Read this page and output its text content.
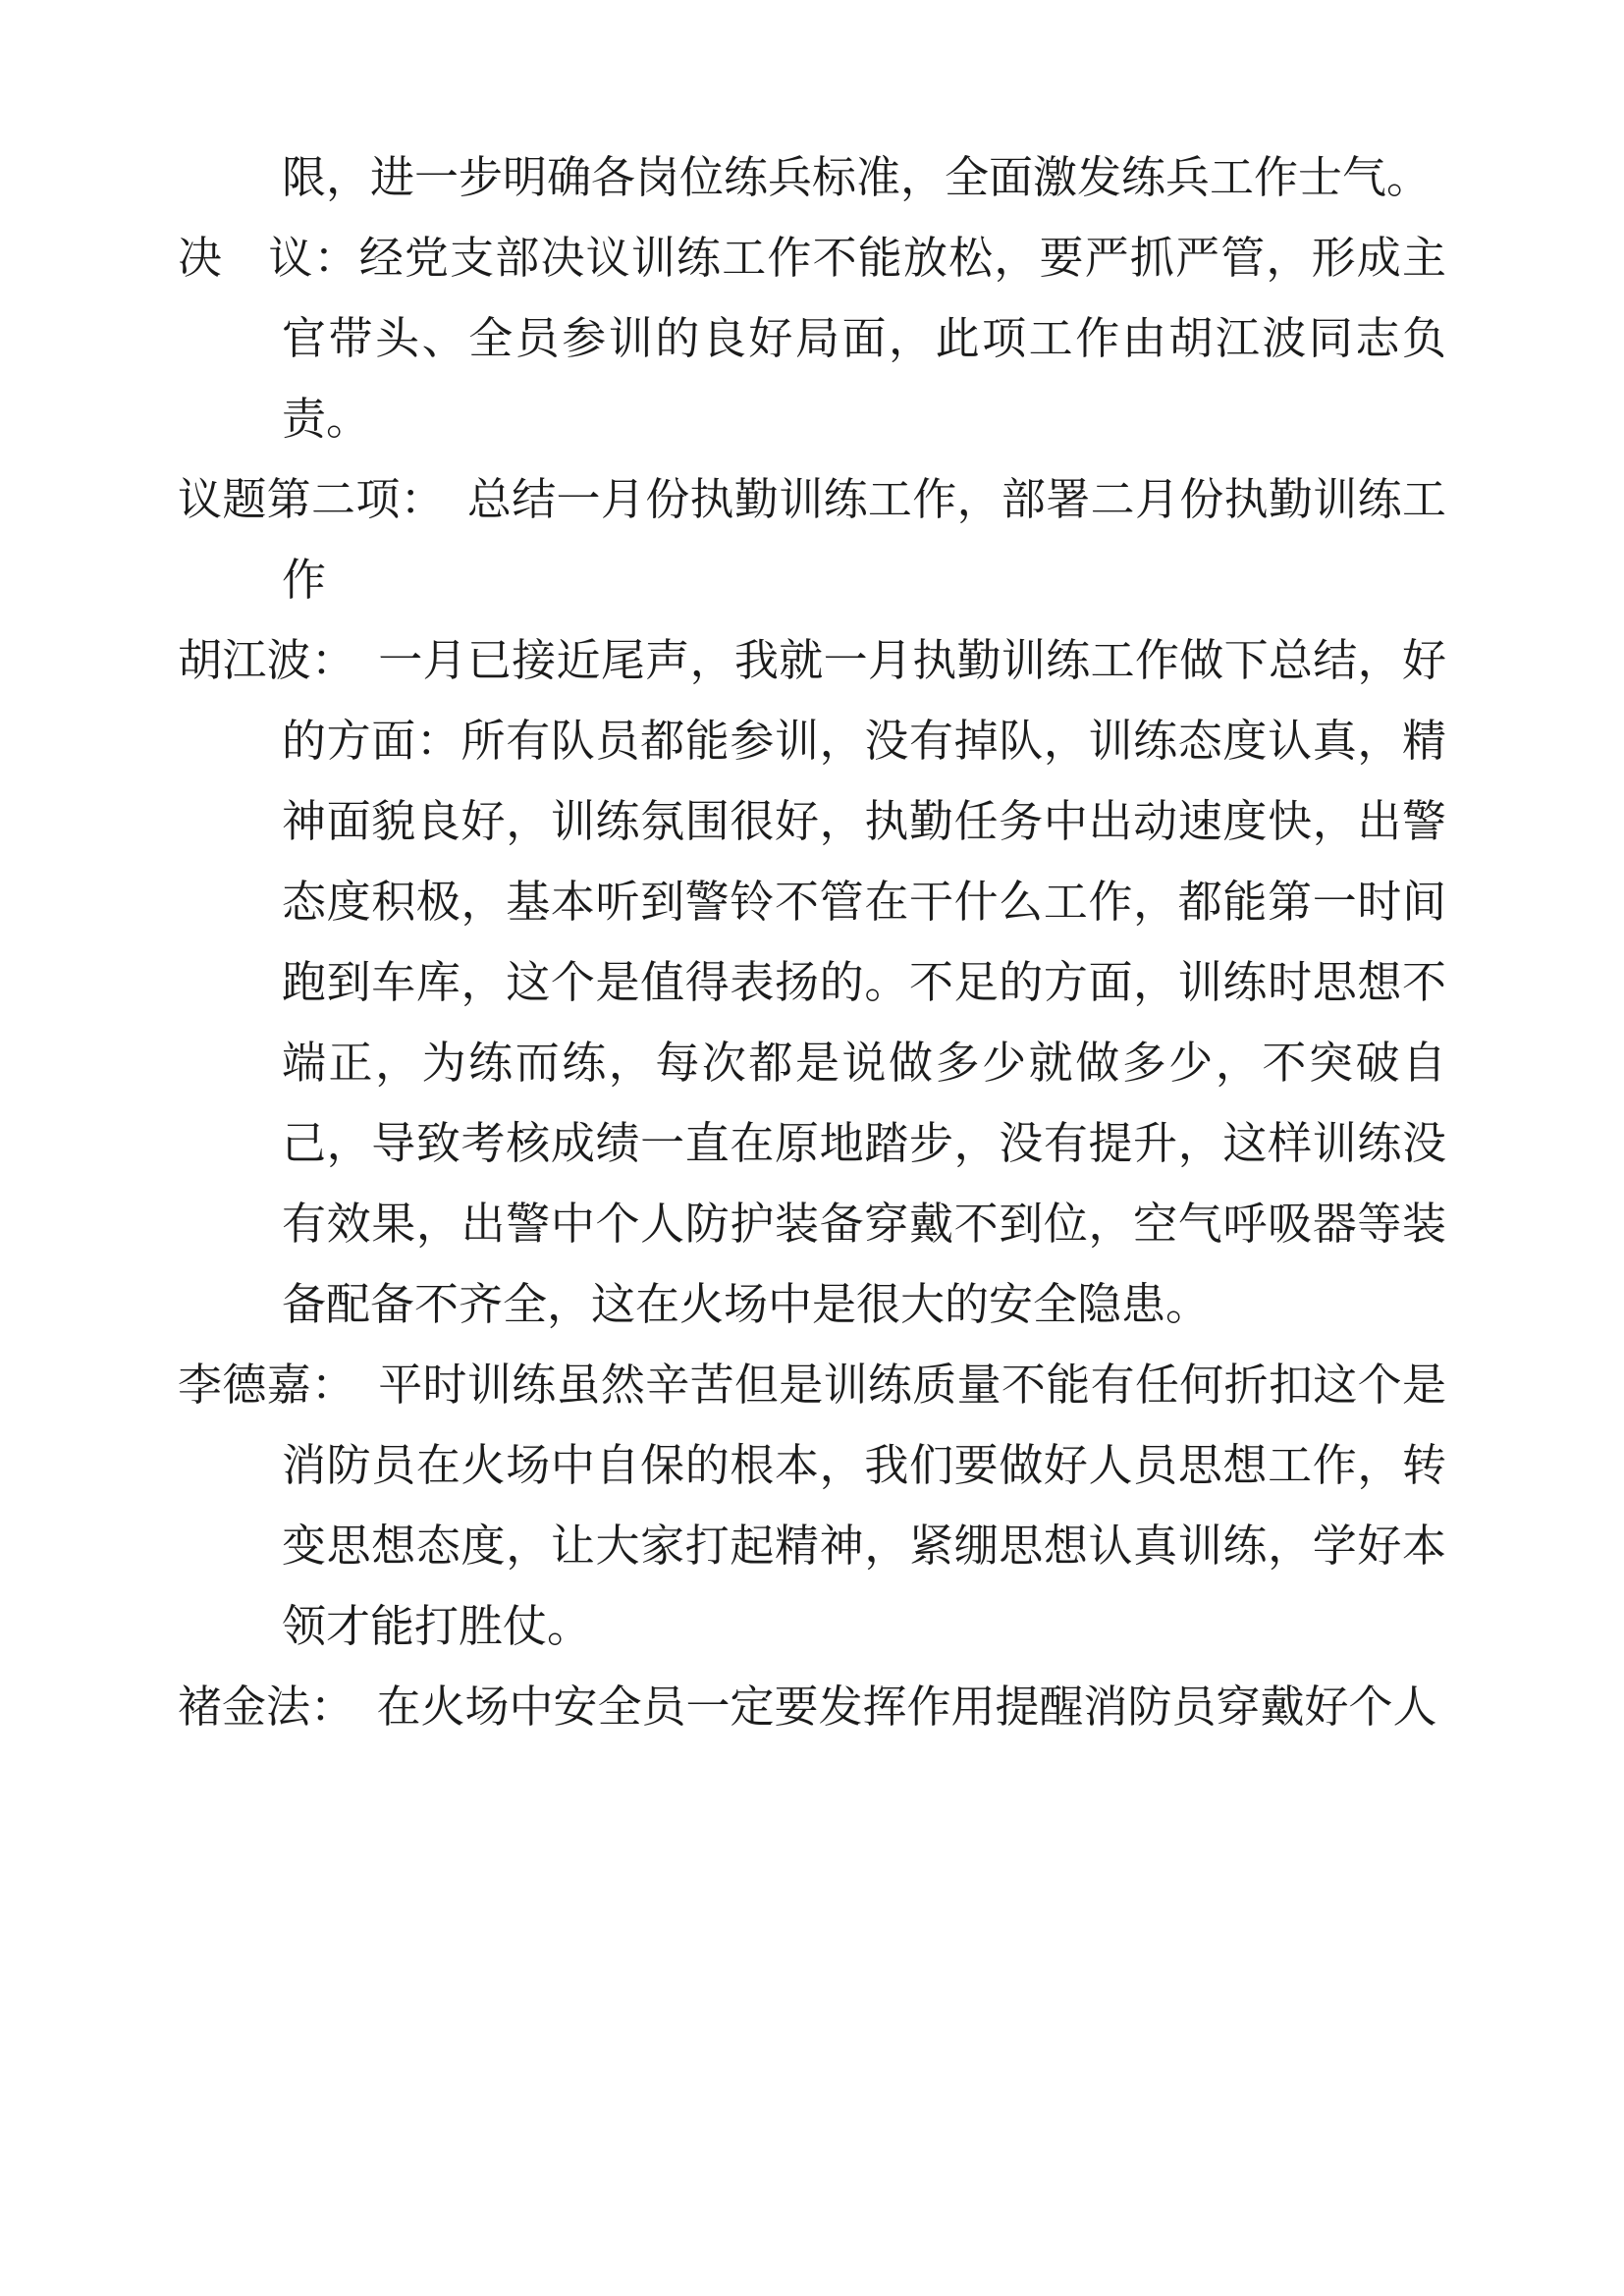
限，进一步明确各岗位练兵标准，全面激发练兵工作士气。

决　议：经党支部决议训练工作不能放松，要严抓严管，形成主官带头、全员参训的良好局面，此项工作由胡江波同志负责。

议题第二项：　总结一月份执勤训练工作，部署二月份执勤训练工作

胡江波：　一月已接近尾声，我就一月执勤训练工作做下总结，好的方面：所有队员都能参训，没有掉队，训练态度认真，精神面貌良好，训练氛围很好，执勤任务中出动速度快，出警态度积极，基本听到警铃不管在干什么工作，都能第一时间跑到车库，这个是值得表扬的。不足的方面，训练时思想不端正，为练而练，每次都是说做多少就做多少，不突破自己，导致考核成绩一直在原地踏步，没有提升，这样训练没有效果，出警中个人防护装备穿戴不到位，空气呼吸器等装备配备不齐全，这在火场中是很大的安全隐患。

李德嘉：　平时训练虽然辛苦但是训练质量不能有任何折扣这个是消防员在火场中自保的根本，我们要做好人员思想工作，转变思想态度，让大家打起精神，紧绷思想认真训练，学好本领才能打胜仗。

褚金法：　在火场中安全员一定要发挥作用提醒消防员穿戴好个人
